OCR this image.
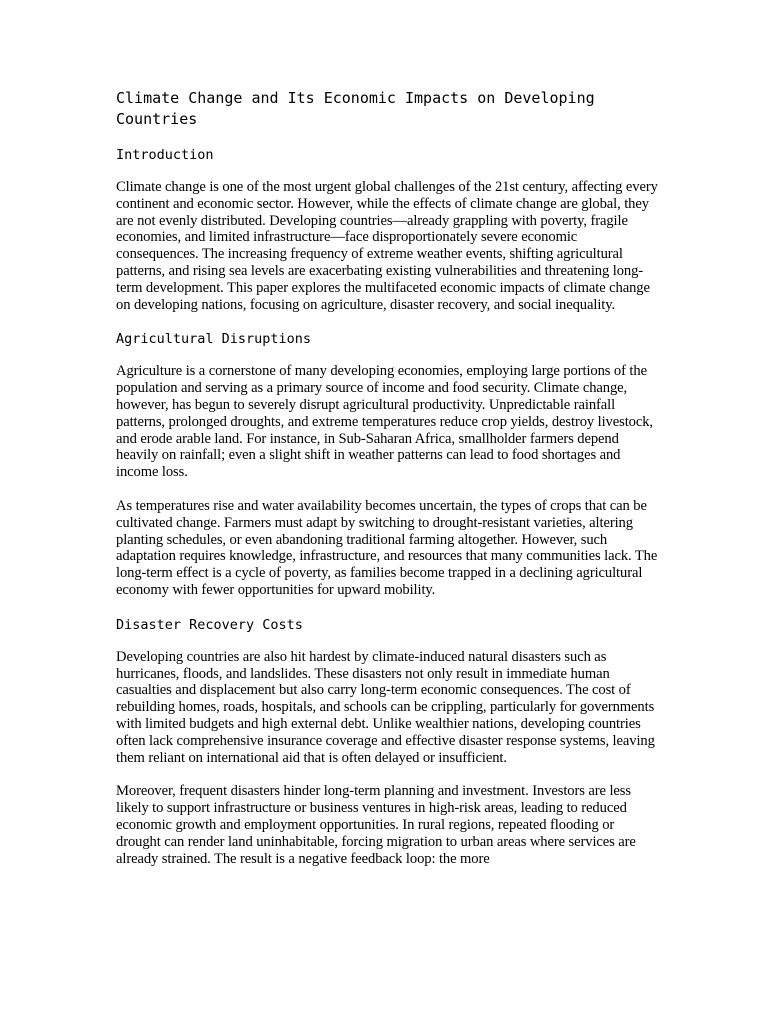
Climate Change and Its Economic Impacts on Developing Countries
Introduction

Climate change is one of the most urgent global challenges of the 21st century, affecting every continent and economic sector. However, while the effects of climate change are global, they are not evenly distributed. Developing countries—already grappling with poverty, fragile economies, and limited infrastructure—face disproportionately severe economic consequences. The increasing frequency of extreme weather events, shifting agricultural patterns, and rising sea levels are exacerbating existing vulnerabilities and threatening long-term development. This paper explores the multifaceted economic impacts of climate change on developing nations, focusing on agriculture, disaster recovery, and social inequality.

Agricultural Disruptions

Agriculture is a cornerstone of many developing economies, employing large portions of the population and serving as a primary source of income and food security. Climate change, however, has begun to severely disrupt agricultural productivity. Unpredictable rainfall patterns, prolonged droughts, and extreme temperatures reduce crop yields, destroy livestock, and erode arable land. For instance, in Sub-Saharan Africa, smallholder farmers depend heavily on rainfall; even a slight shift in weather patterns can lead to food shortages and income loss.

As temperatures rise and water availability becomes uncertain, the types of crops that can be cultivated change. Farmers must adapt by switching to drought-resistant varieties, altering planting schedules, or even abandoning traditional farming altogether. However, such adaptation requires knowledge, infrastructure, and resources that many communities lack. The long-term effect is a cycle of poverty, as families become trapped in a declining agricultural economy with fewer opportunities for upward mobility.

Disaster Recovery Costs

Developing countries are also hit hardest by climate-induced natural disasters such as hurricanes, floods, and landslides. These disasters not only result in immediate human casualties and displacement but also carry long-term economic consequences. The cost of rebuilding homes, roads, hospitals, and schools can be crippling, particularly for governments with limited budgets and high external debt. Unlike wealthier nations, developing countries often lack comprehensive insurance coverage and effective disaster response systems, leaving them reliant on international aid that is often delayed or insufficient.

Moreover, frequent disasters hinder long-term planning and investment. Investors are less likely to support infrastructure or business ventures in high-risk areas, leading to reduced economic growth and employment opportunities. In rural regions, repeated flooding or drought can render land uninhabitable, forcing migration to urban areas where services are already strained. The result is a negative feedback loop: the more
